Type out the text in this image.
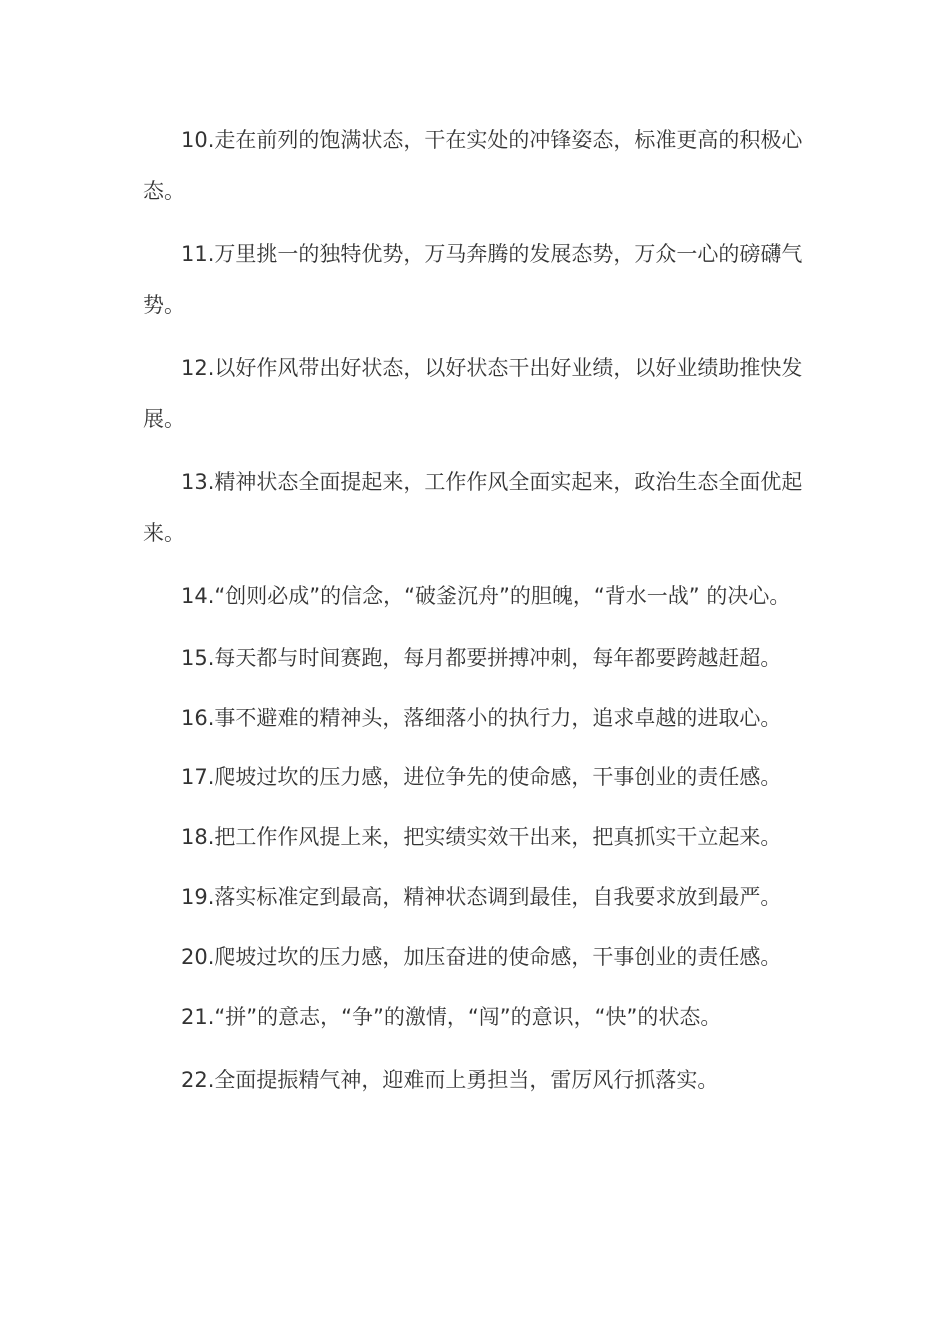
10.走在前列的饱满状态，干在实处的冲锋姿态，标准更高的积极心态。

11.万里挑一的独特优势，万马奔腾的发展态势，万众一心的磅礴气势。

12.以好作风带出好状态，以好状态干出好业绩，以好业绩助推快发展。

13.精神状态全面提起来，工作作风全面实起来，政治生态全面优起来。

14.“创则必成”的信念，“破釜沉舟”的胆魄，“背水一战” 的决心。

15.每天都与时间赛跑，每月都要拼搏冲刺，每年都要跨越赶超。

16.事不避难的精神头，落细落小的执行力，追求卓越的进取心。

17.爬坡过坎的压力感，进位争先的使命感，干事创业的责任感。

18.把工作作风提上来，把实绩实效干出来，把真抓实干立起来。

19.落实标准定到最高，精神状态调到最佳，自我要求放到最严。

20.爬坡过坎的压力感，加压奋进的使命感，干事创业的责任感。

21.“拼”的意志，“争”的激情，“闯”的意识，“快”的状态。

22.全面提振精气神，迎难而上勇担当，雷厉风行抓落实。
